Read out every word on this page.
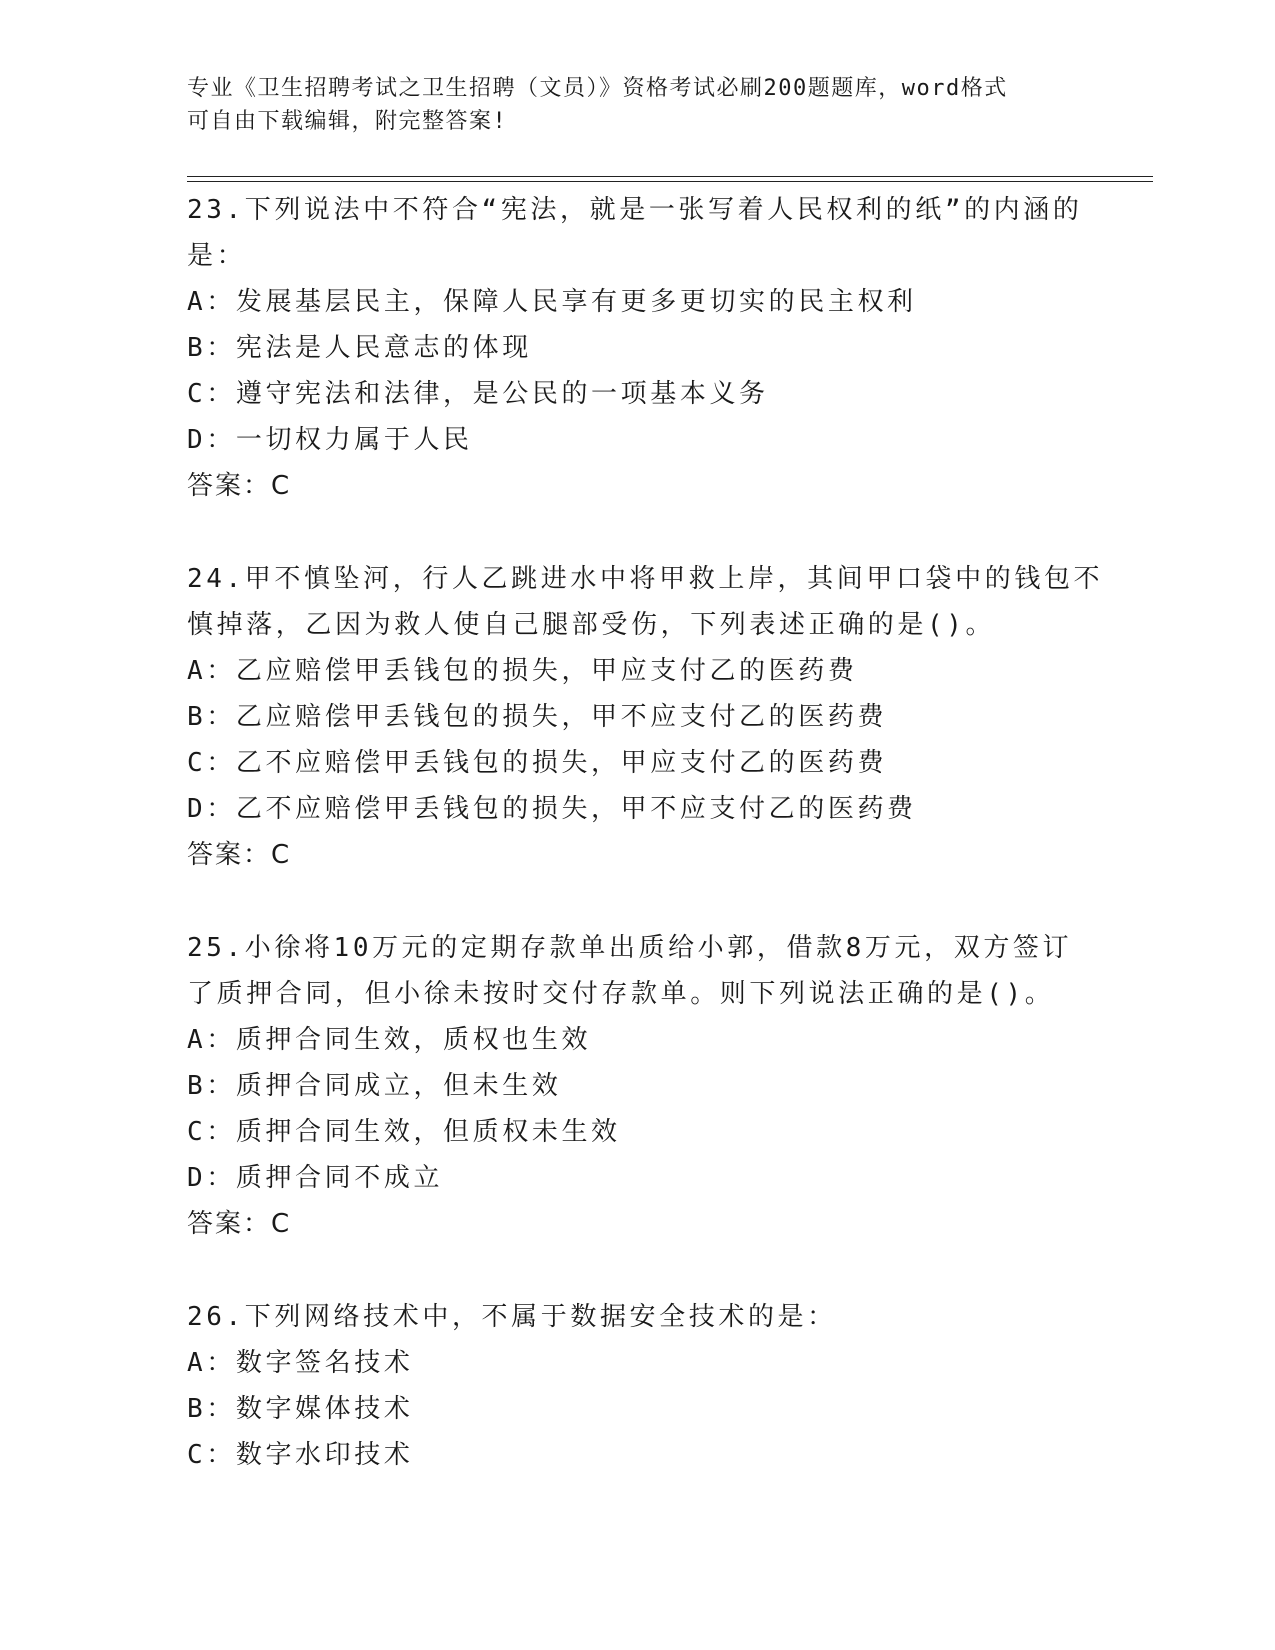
专业《卫生招聘考试之卫生招聘（文员）》资格考试必刷200题题库，word格式
可自由下载编辑，附完整答案!
23.下列说法中不符合“宪法，就是一张写着人民权利的纸”的内涵的
是：
A：发展基层民主，保障人民享有更多更切实的民主权利
B：宪法是人民意志的体现
C：遵守宪法和法律，是公民的一项基本义务
D：一切权力属于人民
答案：C
24.甲不慎坠河，行人乙跳进水中将甲救上岸，其间甲口袋中的钱包不
慎掉落，乙因为救人使自己腿部受伤，下列表述正确的是()。
A：乙应赔偿甲丢钱包的损失，甲应支付乙的医药费
B：乙应赔偿甲丢钱包的损失，甲不应支付乙的医药费
C：乙不应赔偿甲丢钱包的损失，甲应支付乙的医药费
D：乙不应赔偿甲丢钱包的损失，甲不应支付乙的医药费
答案：C
25.小徐将10万元的定期存款单出质给小郭，借款8万元，双方签订
了质押合同，但小徐未按时交付存款单。则下列说法正确的是()。
A：质押合同生效，质权也生效
B：质押合同成立，但未生效
C：质押合同生效，但质权未生效
D：质押合同不成立
答案：C
26.下列网络技术中，不属于数据安全技术的是：
A：数字签名技术
B：数字媒体技术
C：数字水印技术
